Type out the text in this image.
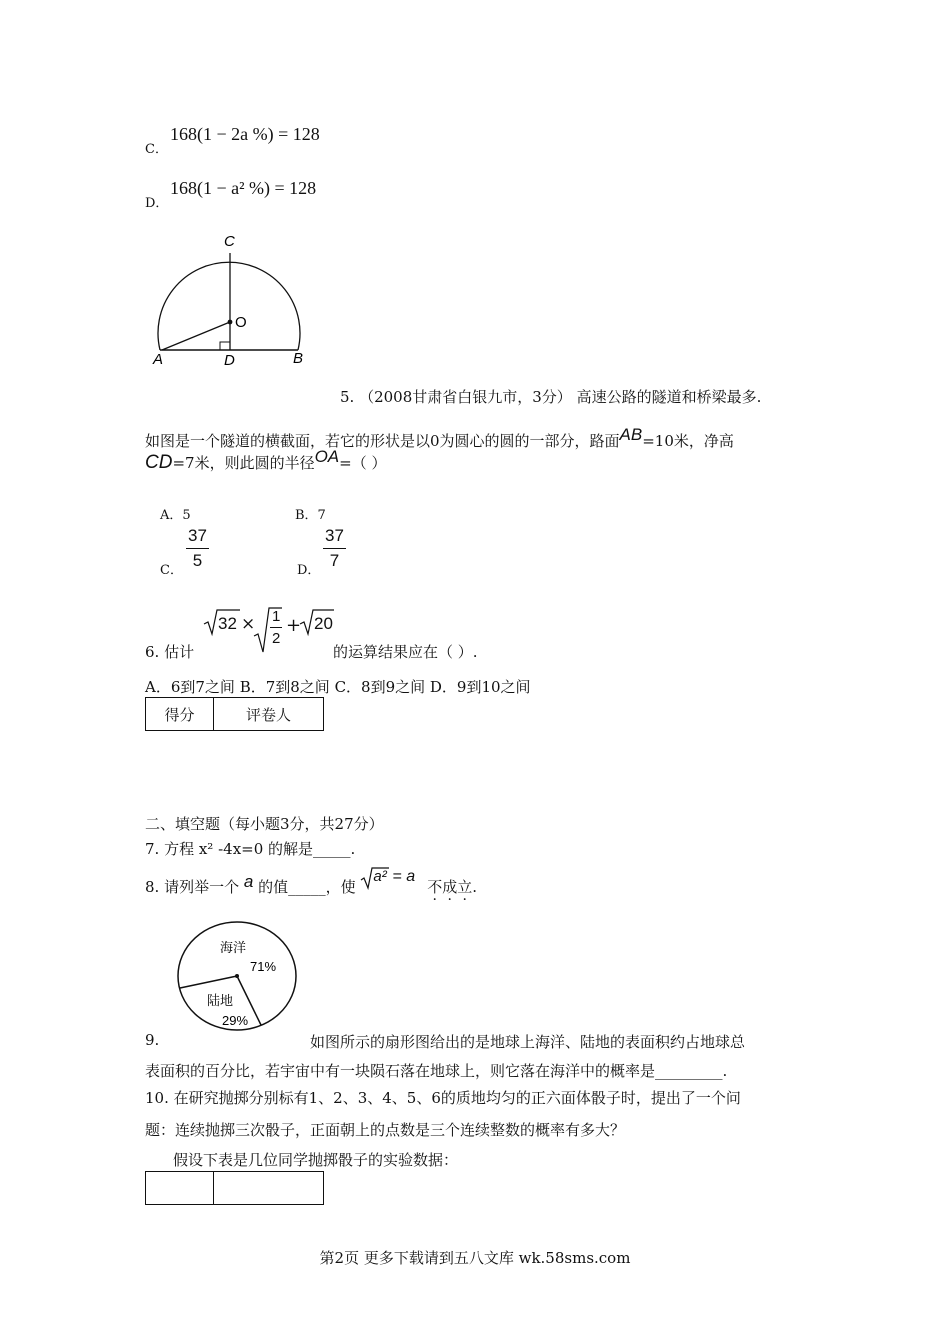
C．
168(1 − 2a %) = 128
D．
168(1 − a² %) = 128
C
O
A	D	B
5. （2008甘肃省白银九市，3分） 高速公路的隧道和桥梁最多.
如图是一个隧道的横截面，若它的形状是以0为圆心的圆的一部分，路面AB=10米，净高
CD=7米，则此圆的半径OA=（ ）
A．5	B．7
C． $\frac{37}{5}$	D． $\frac{37}{7}$
6. 估计
$32 \times \frac{1}{2} + 20$
的运算结果应在（ ）.
A．6到7之间 B．7到8之间 C．8到9之间 D．9到10之间
得分	评卷人
二、填空题（每小题3分，共27分）
7. 方程 x² -4x=0 的解是_____.
8. 请列举一个 a 的值_____，使
a² = a
不成立.
海洋
71%
陆地
29%
9.	如图所示的扇形图给出的是地球上海洋、陆地的表面积约占地球总
表面积的百分比，若宇宙中有一块陨石落在地球上，则它落在海洋中的概率是_________.
10. 在研究抛掷分别标有1、2、3、4、5、6的质地均匀的正六面体骰子时，提出了一个问
题：连续抛掷三次骰子，正面朝上的点数是三个连续整数的概率有多大？
假设下表是几位同学抛掷骰子的实验数据：

第2页 更多下载请到五八文库 wk.58sms.com
